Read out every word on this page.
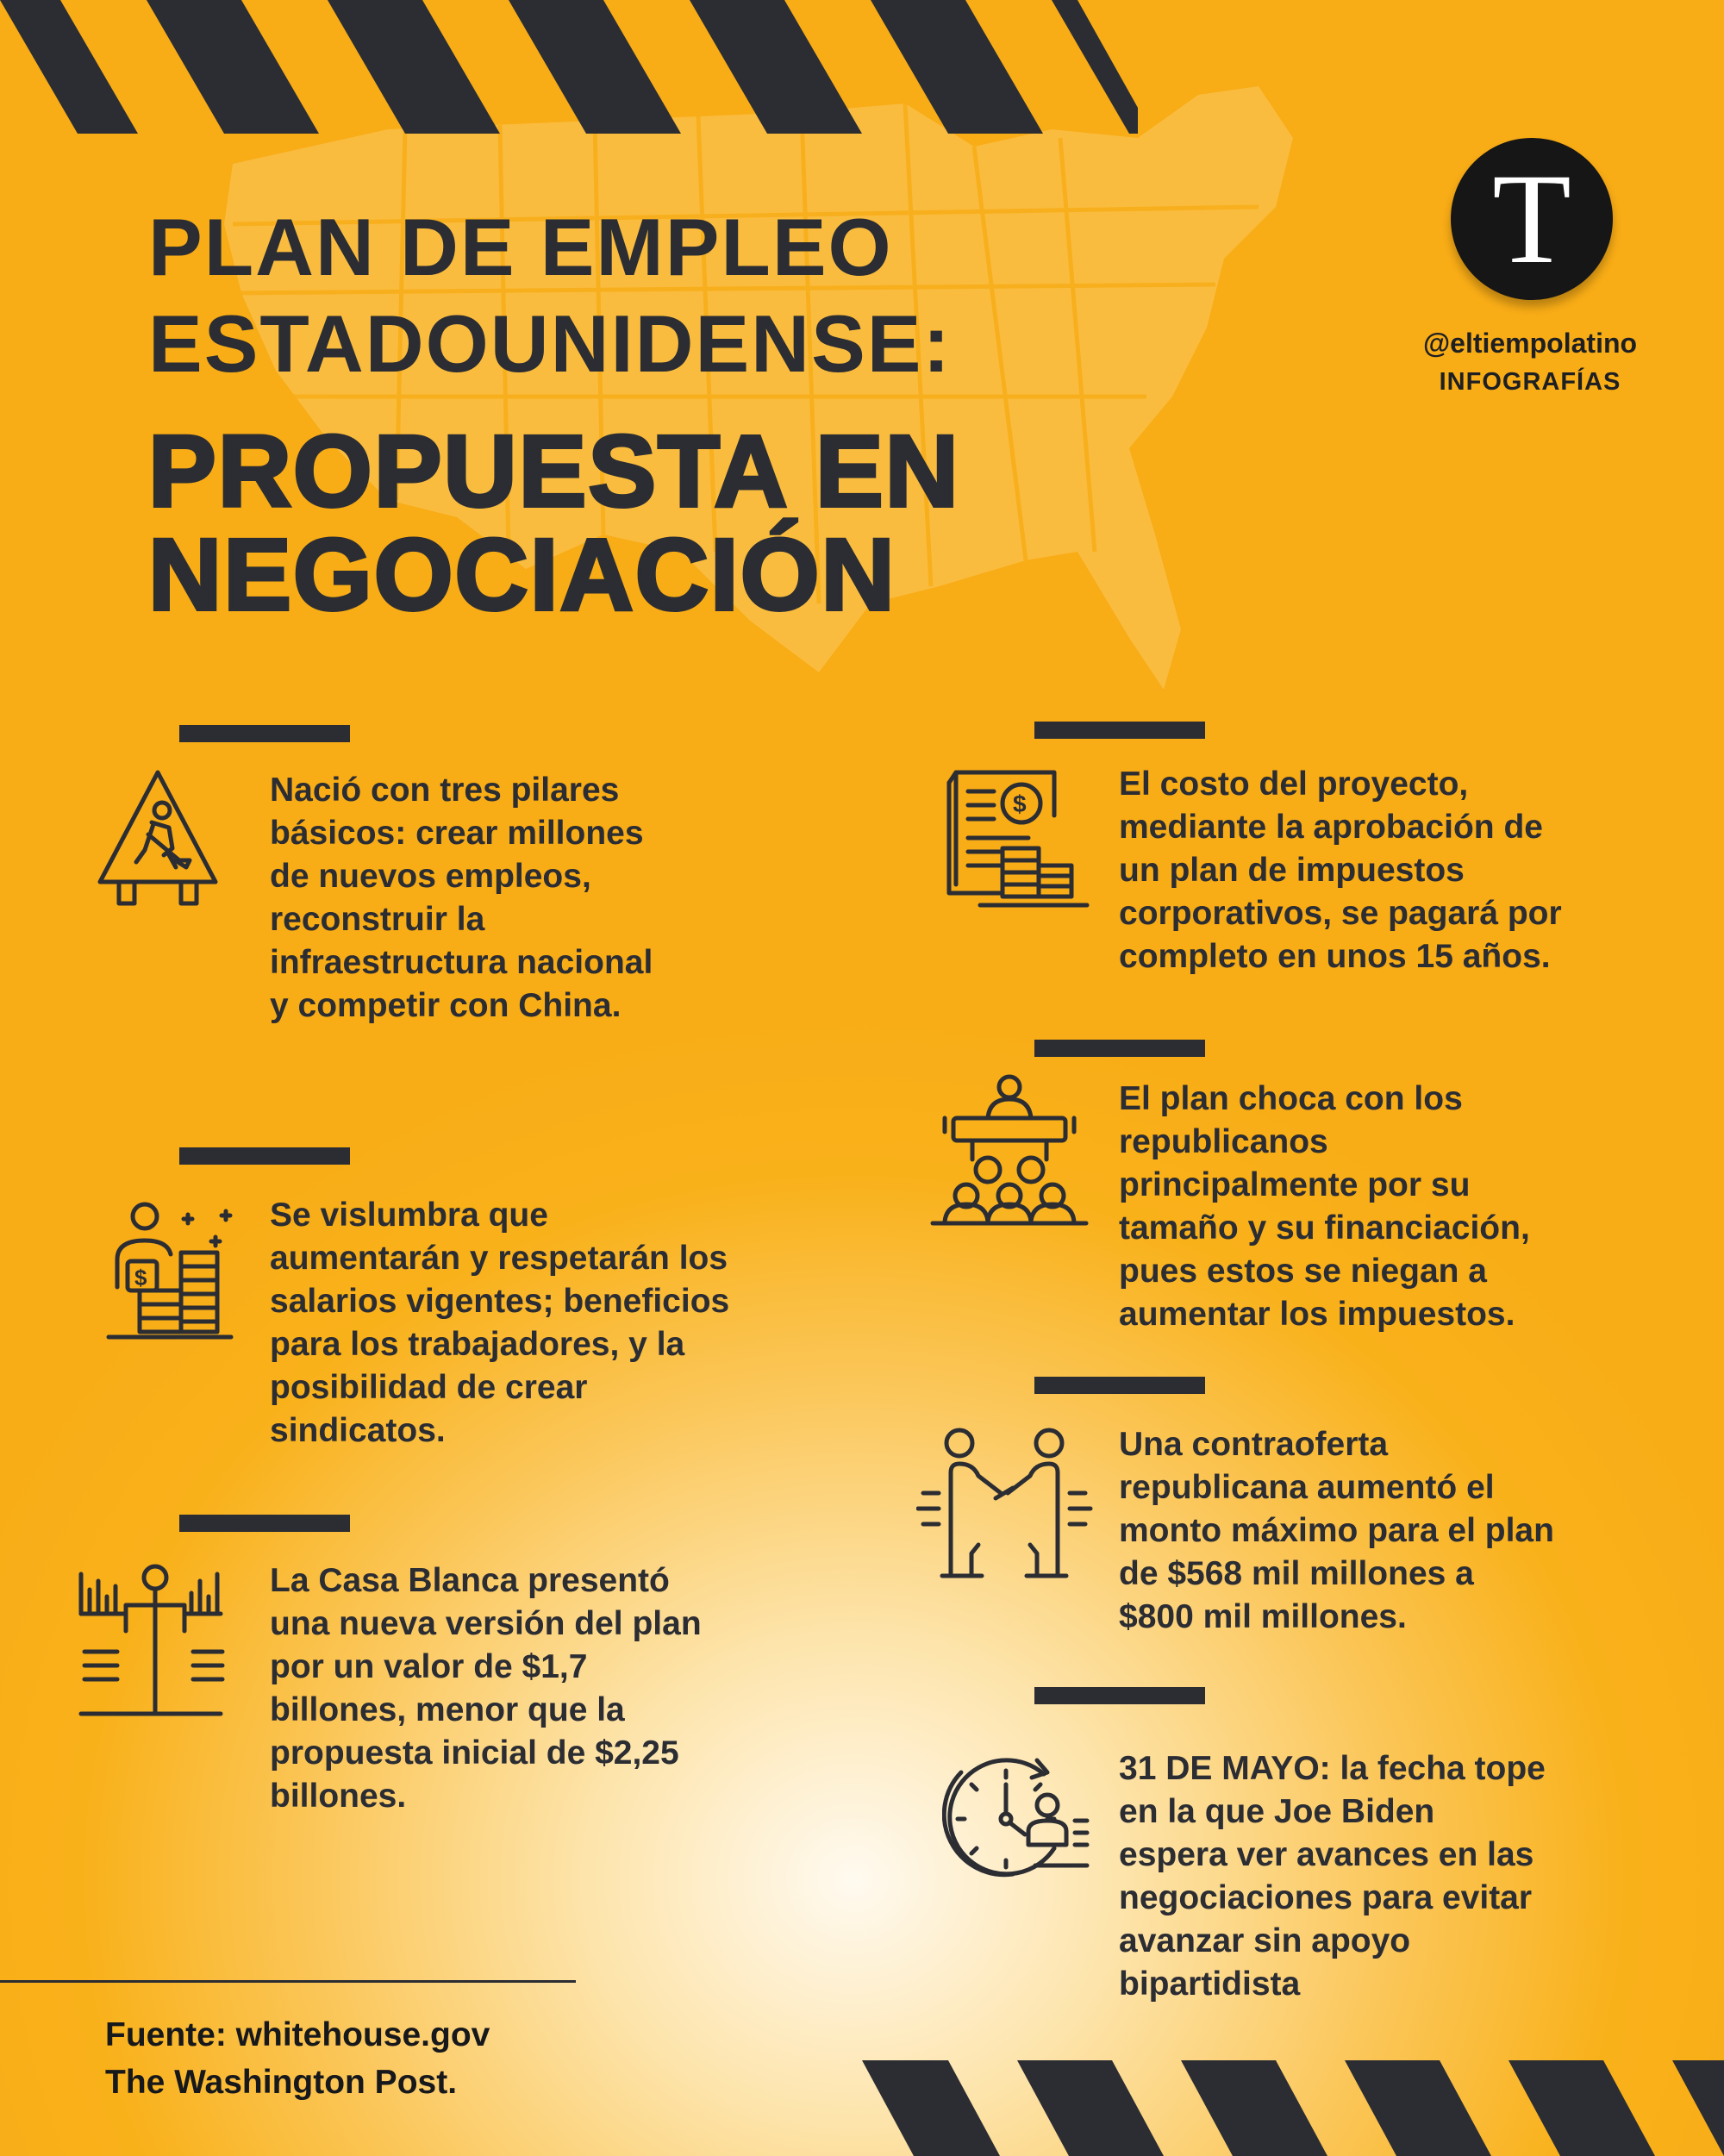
PLAN DE EMPLEO
ESTADOUNIDENSE:
PROPUESTA EN
NEGOCIACIÓN
T
@eltiempolatino
INFOGRAFÍAS

Nació con tres pilares
básicos: crear millones
de nuevos empleos,
reconstruir la
infraestructura nacional
y competir con China.

$

Se vislumbra que
aumentarán y respetarán los
salarios vigentes; beneficios
para los trabajadores, y la
posibilidad de crear
sindicatos.

La Casa Blanca presentó
una nueva versión del plan
por un valor de $1,7
billones, menor que la
propuesta inicial de $2,25
billones.

$

El costo del proyecto,
mediante la aprobación de
un plan de impuestos
corporativos, se pagará por
completo en unos 15 años.

El plan choca con los
republicanos
principalmente por su
tamaño y su financiación,
pues estos se niegan a
aumentar los impuestos.

Una contraoferta
republicana aumentó el
monto máximo para el plan
de $568 mil millones a
$800 mil millones.

31 DE MAYO: la fecha tope
en la que Joe Biden
espera ver avances en las
negociaciones para evitar
avanzar sin apoyo
bipartidista

Fuente: whitehouse.gov
The Washington Post.
